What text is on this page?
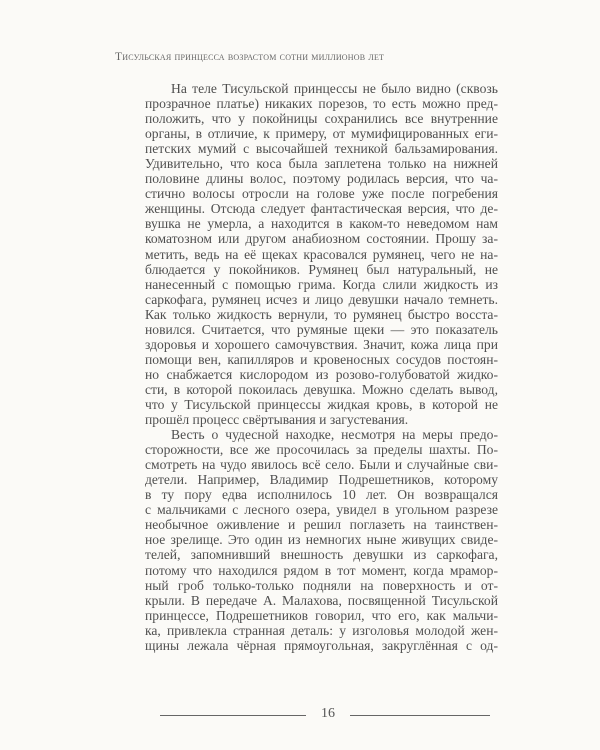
Тисульская принцесса возрастом сотни миллионов лет
На теле Тисульской принцессы не было видно (сквозь
прозрачное платье) никаких порезов, то есть можно пред-
положить, что у покойницы сохранились все внутренние
органы, в отличие, к примеру, от мумифицированных еги-
петских мумий с высочайшей техникой бальзамирования.
Удивительно, что коса была заплетена только на нижней
половине длины волос, поэтому родилась версия, что ча-
стично волосы отросли на голове уже после погребения
женщины. Отсюда следует фантастическая версия, что де-
вушка не умерла, а находится в каком-то неведомом нам
коматозном или другом анабиозном состоянии. Прошу за-
метить, ведь на её щеках красовался румянец, чего не на-
блюдается у покойников. Румянец был натуральный, не
нанесенный с помощью грима. Когда слили жидкость из
саркофага, румянец исчез и лицо девушки начало темнеть.
Как только жидкость вернули, то румянец быстро восста-
новился. Считается, что румяные щеки — это показатель
здоровья и хорошего самочувствия. Значит, кожа лица при
помощи вен, капилляров и кровеносных сосудов постоян-
но снабжается кислородом из розово-голубоватой жидко-
сти, в которой покоилась девушка. Можно сделать вывод,
что у Тисульской принцессы жидкая кровь, в которой не
прошёл процесс свёртывания и загустевания.
Весть о чудесной находке, несмотря на меры предо-
сторожности, все же просочилась за пределы шахты. По-
смотреть на чудо явилось всё село. Были и случайные сви-
детели. Например, Владимир Подрешетников, которому
в ту пору едва исполнилось 10 лет. Он возвращался
с мальчиками с лесного озера, увидел в угольном разрезе
необычное оживление и решил поглазеть на таинствен-
ное зрелище. Это один из немногих ныне живущих свиде-
телей, запомнивший внешность девушки из саркофага,
потому что находился рядом в тот момент, когда мрамор-
ный гроб только-только подняли на поверхность и от-
крыли. В передаче А. Малахова, посвященной Тисульской
принцессе, Подрешетников говорил, что его, как мальчи-
ка, привлекла странная деталь: у изголовья молодой жен-
щины лежала чёрная прямоугольная, закруглённая с од-
16
